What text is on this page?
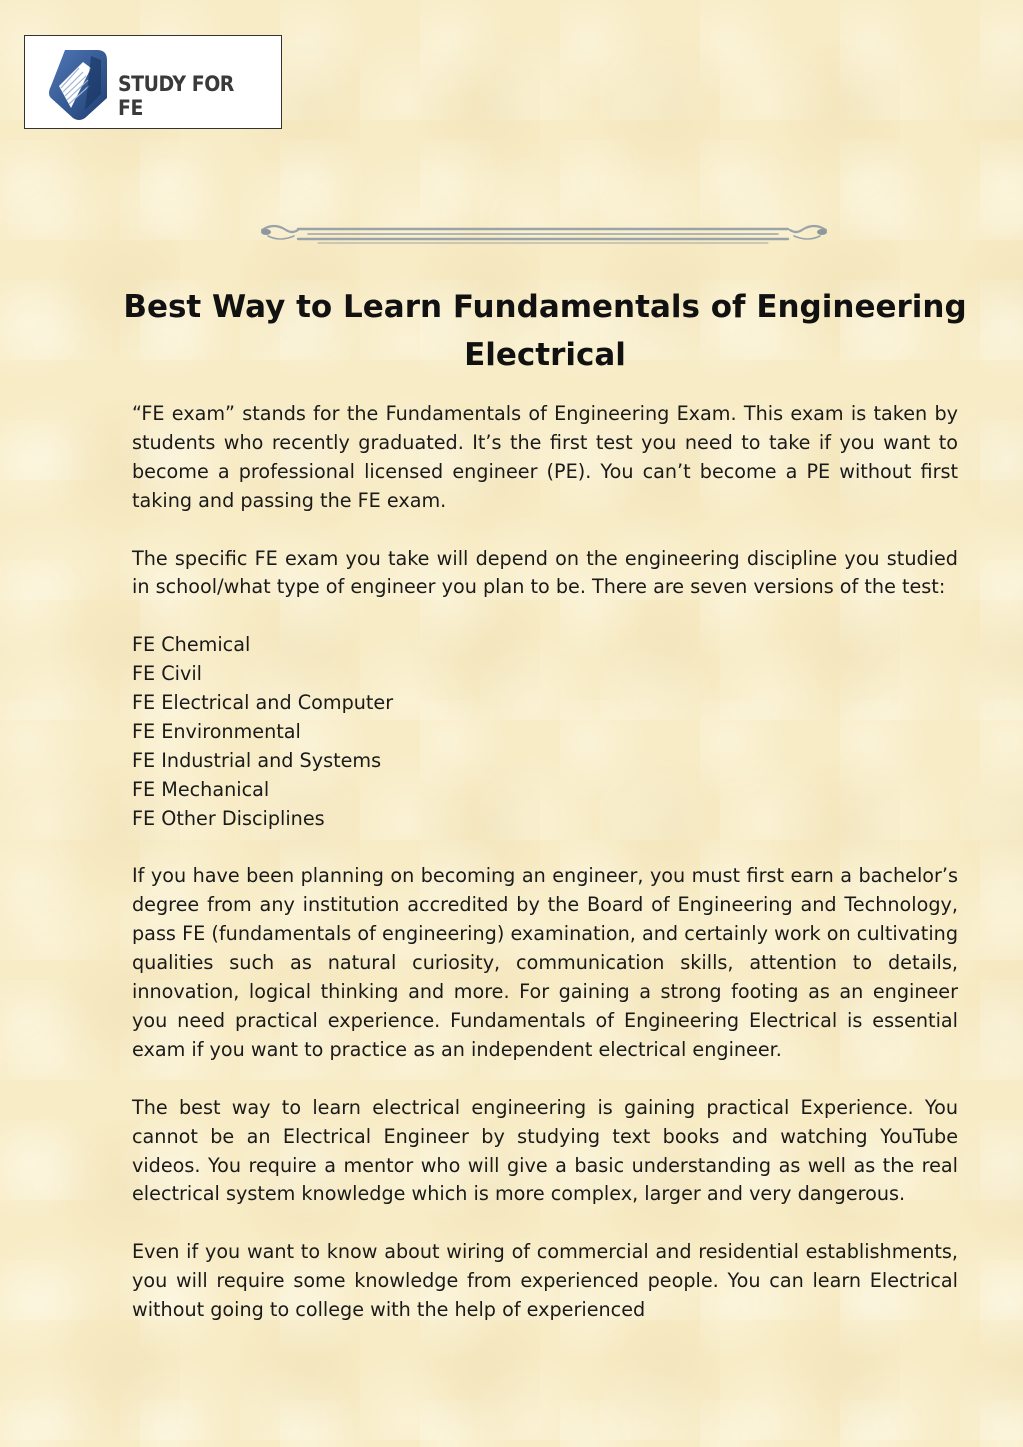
STUDY FOR FE
Best Way to Learn Fundamentals of Engineering Electrical

“FE exam” stands for the Fundamentals of Engineering Exam. This exam is taken by students who recently graduated. It’s the first test you need to take if you want to become a professional licensed engineer (PE). You can’t become a PE without first taking and passing the FE exam.

The specific FE exam you take will depend on the engineering discipline you studied in school/what type of engineer you plan to be. There are seven versions of the test:

FE Chemical
FE Civil
FE Electrical and Computer
FE Environmental
FE Industrial and Systems
FE Mechanical
FE Other Disciplines

If you have been planning on becoming an engineer, you must first earn a bachelor’s degree from any institution accredited by the Board of Engineering and Technology, pass FE (fundamentals of engineering) examination, and certainly work on cultivating qualities such as natural curiosity, communication skills, attention to details, innovation, logical thinking and more. For gaining a strong footing as an engineer you need practical experience. Fundamentals of Engineering Electrical is essential exam if you want to practice as an independent electrical engineer.

The best way to learn electrical engineering is gaining practical Experience. You cannot be an Electrical Engineer by studying text books and watching YouTube videos. You require a mentor who will give a basic understanding as well as the real electrical system knowledge which is more complex, larger and very dangerous.

Even if you want to know about wiring of commercial and residential establishments, you will require some knowledge from experienced people. You can learn Electrical without going to college with the help of experienced
